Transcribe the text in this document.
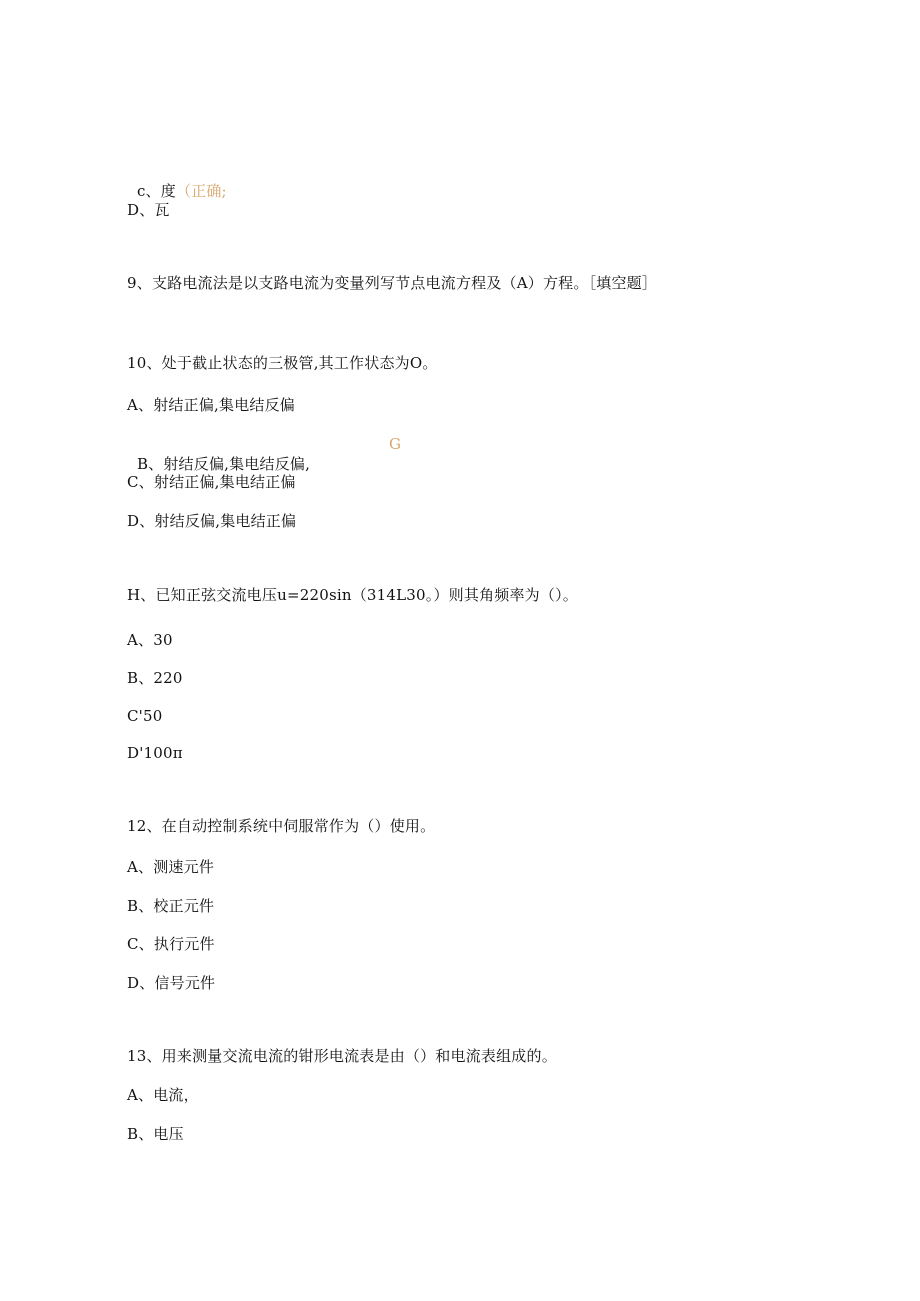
c、度（正确;

D、瓦
9、支路电流法是以支路电流为变量列写节点电流方程及（A）方程。［填空题］
10、处于截止状态的三极管,其工作状态为O。
A、射结正偏,集电结反偏

B、射结反偏,集电结反偏,

G
C、射结正偏,集电结正偏
D、射结反偏,集电结正偏
H、已知正弦交流电压u=220sin（314L30。）则其角频率为（）。
A、30
B、220
C'50
D'100π
12、在自动控制系统中伺服常作为（）使用。
A、测速元件
B、校正元件
C、执行元件
D、信号元件
13、用来测量交流电流的钳形电流表是由（）和电流表组成的。
A、电流，
B、电压
